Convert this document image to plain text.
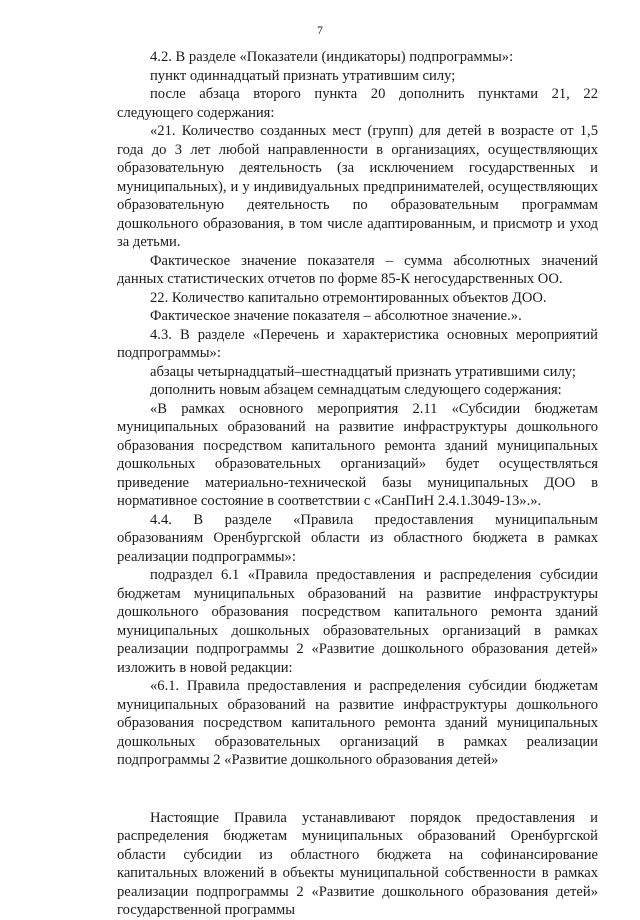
7

4.2. В разделе «Показатели (индикаторы) подпрограммы»:

пункт одиннадцатый признать утратившим силу;

после абзаца второго пункта 20 дополнить пунктами 21, 22 следующего содержания:

«21. Количество созданных мест (групп) для детей в возрасте от 1,5 года до 3 лет любой направленности в организациях, осуществляющих образовательную деятельность (за исключением государственных и муниципальных), и у индивидуальных предпринимателей, осуществляющих образовательную деятельность по образовательным программам дошкольного образования, в том числе адаптированным, и присмотр и уход за детьми.

Фактическое значение показателя – сумма абсолютных значений данных статистических отчетов по форме 85-К негосударственных ОО.

22. Количество капитально отремонтированных объектов ДОО.

Фактическое значение показателя – абсолютное значение.».

4.3. В разделе «Перечень и характеристика основных мероприятий подпрограммы»:

абзацы четырнадцатый–шестнадцатый признать утратившими силу;

дополнить новым абзацем семнадцатым следующего содержания:

«В рамках основного мероприятия 2.11 «Субсидии бюджетам муниципальных образований на развитие инфраструктуры дошкольного образования посредством капитального ремонта зданий муниципальных дошкольных образовательных организаций» будет осуществляться приведение материально-технической базы муниципальных ДОО в нормативное состояние в соответствии с «СанПиН 2.4.1.3049-13».».

4.4. В разделе «Правила предоставления муниципальным образованиям Оренбургской области из областного бюджета в рамках реализации подпрограммы»:

подраздел 6.1 «Правила предоставления и распределения субсидии бюджетам муниципальных образований на развитие инфраструктуры дошкольного образования посредством капитального ремонта зданий муниципальных дошкольных образовательных организаций в рамках реализации подпрограммы 2 «Развитие дошкольного образования детей» изложить в новой редакции:

«6.1. Правила предоставления и распределения субсидии бюджетам муниципальных образований на развитие инфраструктуры дошкольного образования посредством капитального ремонта зданий муниципальных дошкольных образовательных организаций в рамках реализации подпрограммы 2 «Развитие дошкольного образования детей»

Настоящие Правила устанавливают порядок предоставления и распределения бюджетам муниципальных образований Оренбургской области субсидии из областного бюджета на софинансирование капитальных вложений в объекты муниципальной собственности в рамках реализации подпрограммы 2 «Развитие дошкольного образования детей» государственной программы
